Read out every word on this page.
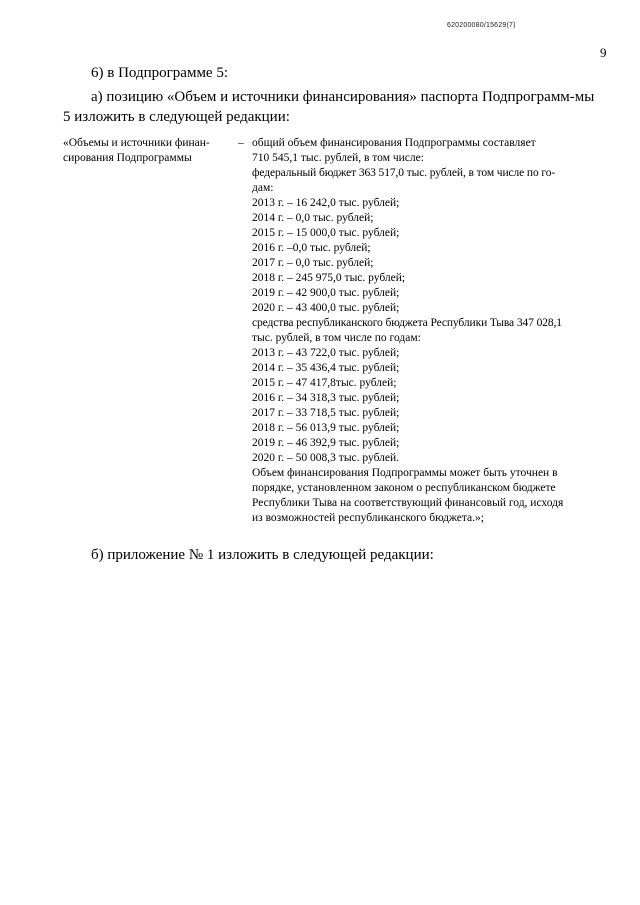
620200080/15629(7)
9
6) в Подпрограмме 5:
а) позицию «Объем и источники финансирования» паспорта Подпрограмм-мы
5 изложить в следующей редакции:
«Объемы и источники финан-
сирования Подпрограммы
– общий объем финансирования Подпрограммы составляет
710 545,1 тыс. рублей, в том числе:
федеральный бюджет 363 517,0 тыс. рублей, в том числе по го-
дам:
2013 г. – 16 242,0 тыс. рублей;
2014 г. – 0,0 тыс. рублей;
2015 г. – 15 000,0 тыс. рублей;
2016 г. –0,0 тыс. рублей;
2017 г. – 0,0 тыс. рублей;
2018 г. – 245 975,0 тыс. рублей;
2019 г. – 42 900,0 тыс. рублей;
2020 г. – 43 400,0 тыс. рублей;
средства республиканского бюджета Республики Тыва 347 028,1
тыс. рублей, в том числе по годам:
2013 г. – 43 722,0 тыс. рублей;
2014 г. – 35 436,4 тыс. рублей;
2015 г. – 47 417,8тыс. рублей;
2016 г. – 34 318,3 тыс. рублей;
2017 г. – 33 718,5 тыс. рублей;
2018 г. – 56 013,9 тыс. рублей;
2019 г. – 46 392,9 тыс. рублей;
2020 г. – 50 008,3 тыс. рублей.
Объем финансирования Подпрограммы может быть уточнен в
порядке, установленном законом о республиканском бюджете
Республики Тыва на соответствующий финансовый год, исходя
из возможностей республиканского бюджета.»;
б) приложение № 1 изложить в следующей редакции:
